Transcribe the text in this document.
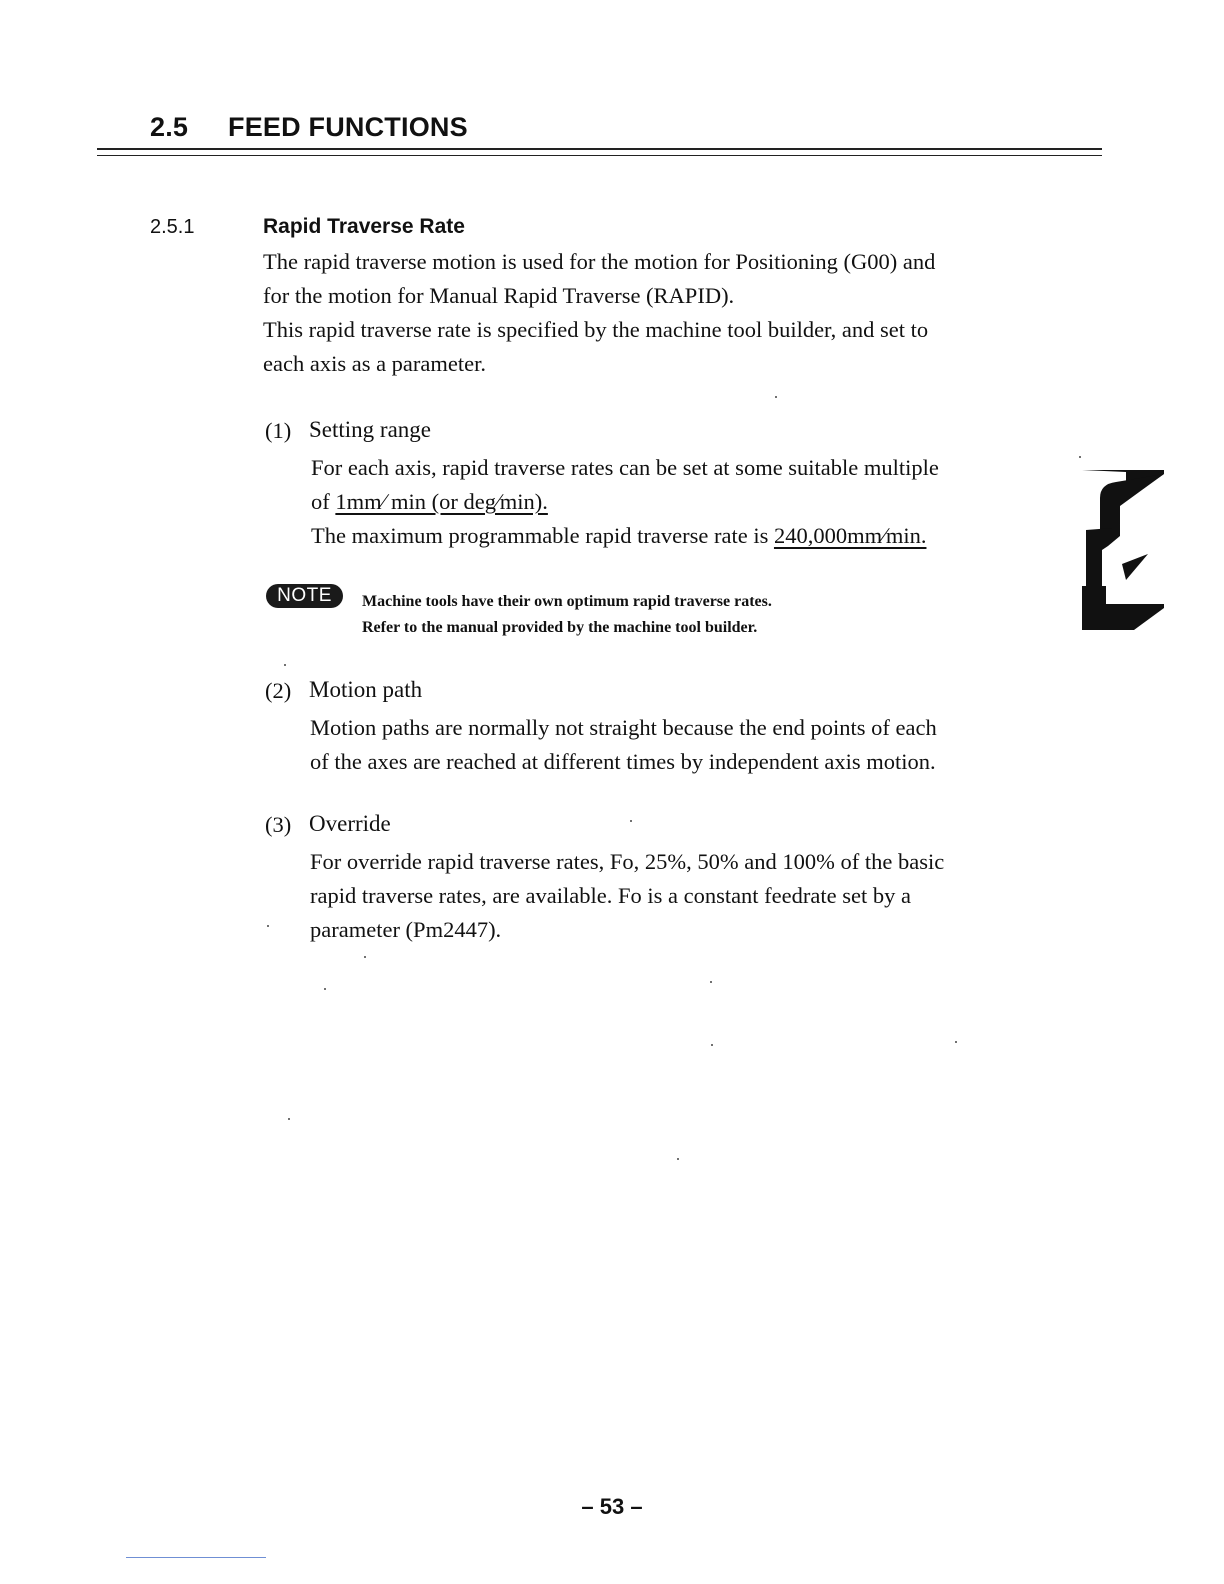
2.5 FEED FUNCTIONS
2.5.1	Rapid Traverse Rate
The rapid traverse motion is used for the motion for Positioning (G00) and
for the motion for Manual Rapid Traverse (RAPID).
This rapid traverse rate is specified by the machine tool builder, and set to
each axis as a parameter.
(1) Setting range
For each axis, rapid traverse rates can be set at some suitable multiple
of 1mm∕ min (or deg∕min).
The maximum programmable rapid traverse rate is 240,000mm∕min.
NOTE	Machine tools have their own optimum rapid traverse rates.
Refer to the manual provided by the machine tool builder.
(2) Motion path
Motion paths are normally not straight because the end points of each
of the axes are reached at different times by independent axis motion.
(3) Override
For override rapid traverse rates, Fo, 25%, 50% and 100% of the basic
rapid traverse rates, are available. Fo is a constant feedrate set by a
parameter (Pm2447).
– 53 –
